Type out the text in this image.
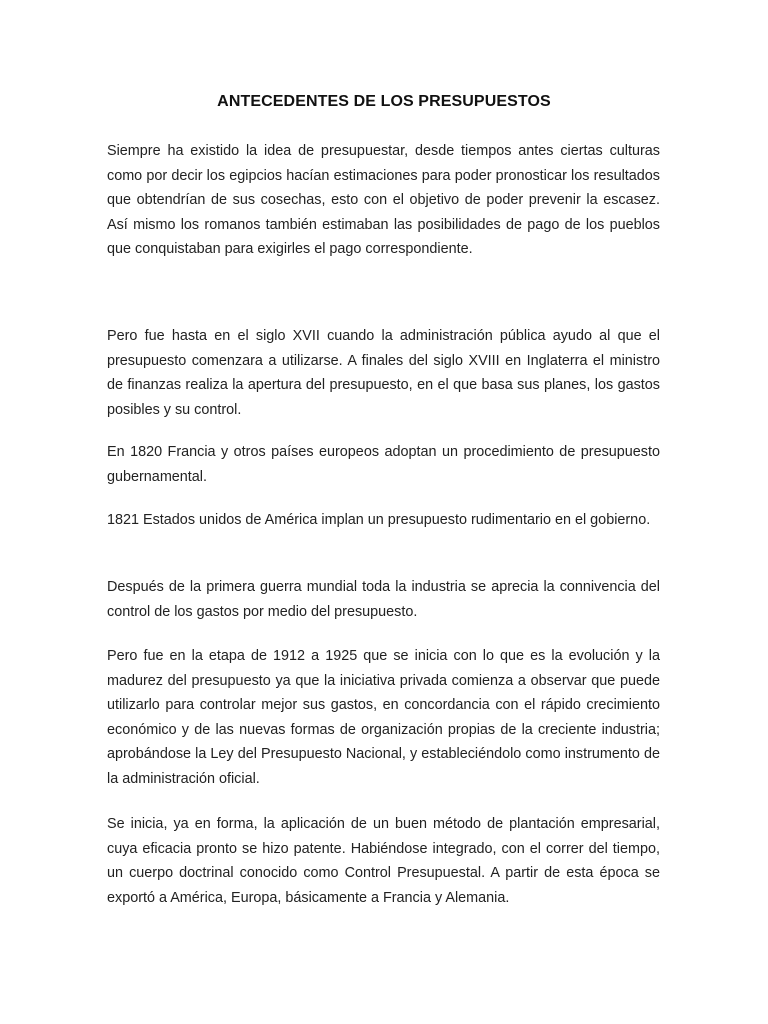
ANTECEDENTES DE LOS PRESUPUESTOS

Siempre ha existido la idea de presupuestar, desde tiempos antes ciertas culturas como por decir los egipcios hacían estimaciones para poder pronosticar los resultados que obtendrían de sus cosechas, esto con el objetivo de poder prevenir la escasez. Así mismo los romanos también estimaban las posibilidades de pago de los pueblos que conquistaban para exigirles el pago correspondiente.

Pero fue hasta en el siglo XVII cuando la administración pública ayudo al que el presupuesto comenzara a utilizarse. A finales del siglo XVIII en Inglaterra el ministro de finanzas realiza la apertura del presupuesto, en el que basa sus planes, los gastos posibles y su control.

En 1820 Francia y otros países europeos adoptan un procedimiento de presupuesto gubernamental.

1821 Estados unidos de América implan un presupuesto rudimentario en el gobierno.

Después de la primera guerra mundial toda la industria se aprecia la connivencia del control de los gastos por medio del presupuesto.

Pero fue en la etapa de 1912 a 1925 que se inicia con lo que es la evolución y la madurez del presupuesto ya que la iniciativa privada comienza a observar que puede utilizarlo para controlar mejor sus gastos, en concordancia con el rápido crecimiento económico y de las nuevas formas de organización propias de la creciente industria; aprobándose la Ley del Presupuesto Nacional, y estableciéndolo como instrumento de la administración oficial.

Se inicia, ya en forma, la aplicación de un buen método de plantación empresarial, cuya eficacia pronto se hizo patente. Habiéndose integrado, con el correr del tiempo, un cuerpo doctrinal conocido como Control Presupuestal. A partir de esta época se exportó a América, Europa, básicamente a Francia y Alemania.
